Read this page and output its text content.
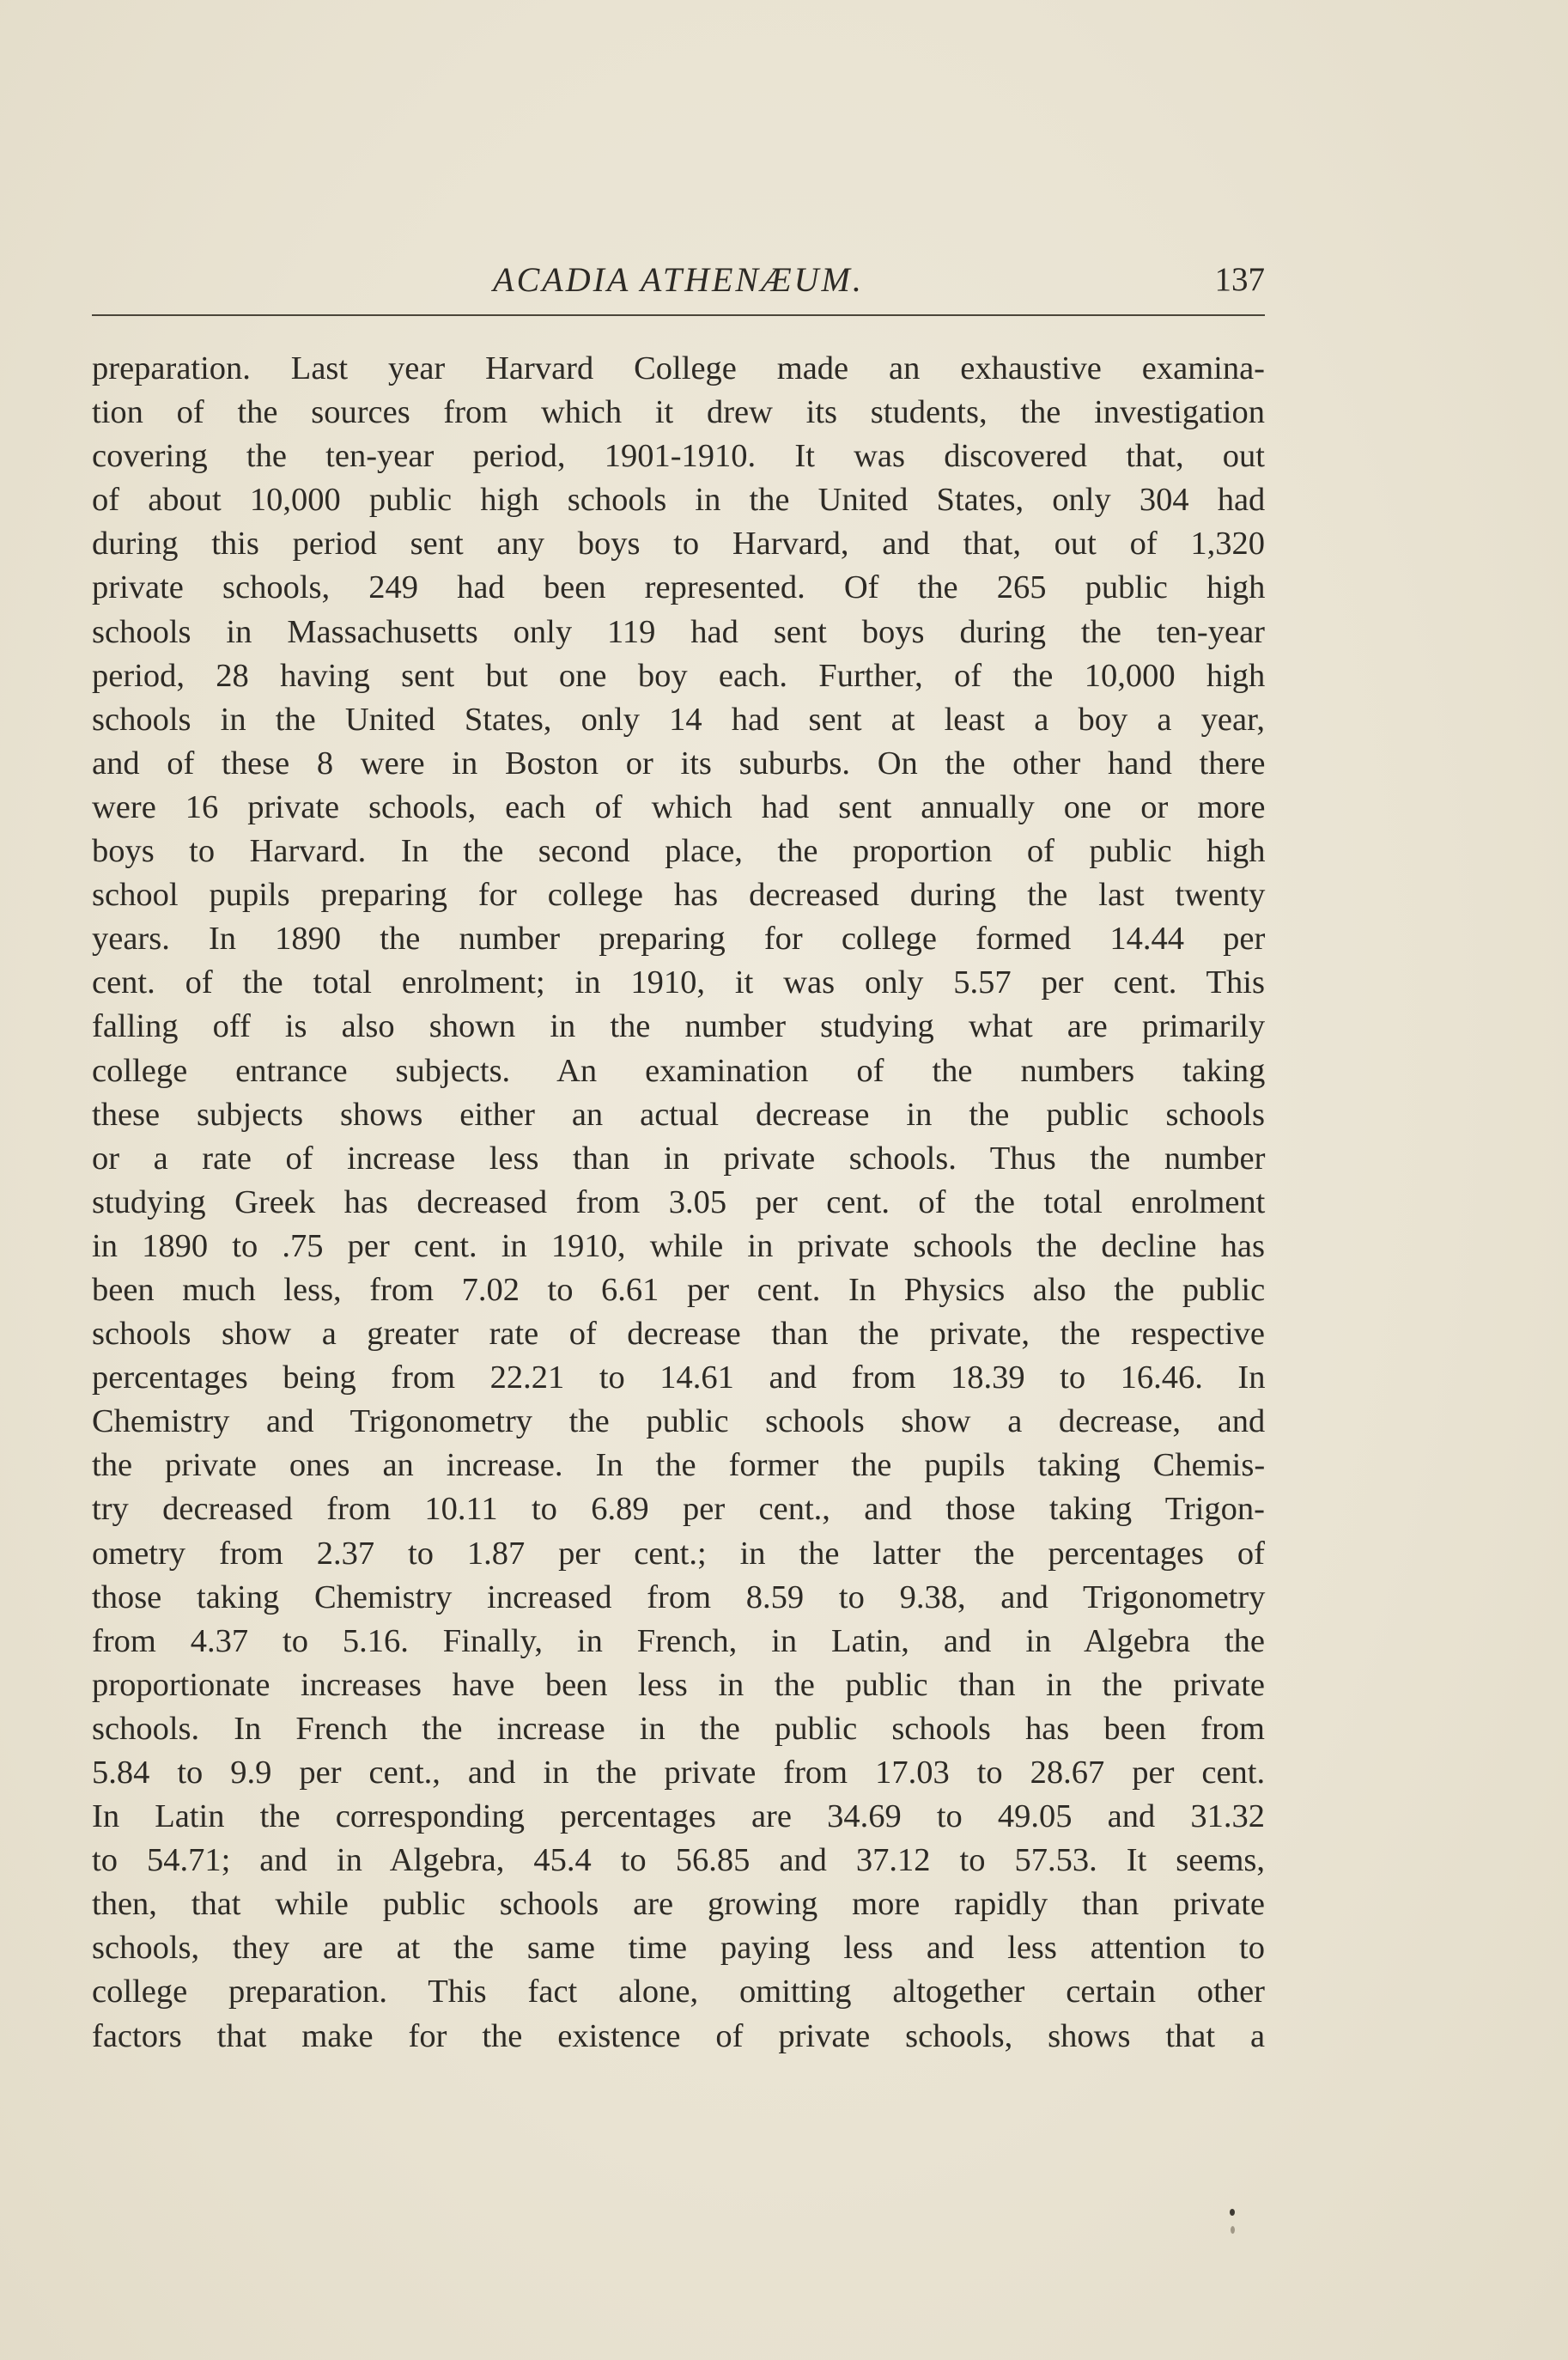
ACADIA ATHENÆUM.	137
preparation. Last year Harvard College made an exhaustive examina-
tion of the sources from which it drew its students, the investigation
covering the ten-year period, 1901-1910. It was discovered that, out
of about 10,000 public high schools in the United States, only 304 had
during this period sent any boys to Harvard, and that, out of 1,320
private schools, 249 had been represented. Of the 265 public high
schools in Massachusetts only 119 had sent boys during the ten-year
period, 28 having sent but one boy each. Further, of the 10,000 high
schools in the United States, only 14 had sent at least a boy a year,
and of these 8 were in Boston or its suburbs. On the other hand there
were 16 private schools, each of which had sent annually one or more
boys to Harvard. In the second place, the proportion of public high
school pupils preparing for college has decreased during the last twenty
years. In 1890 the number preparing for college formed 14.44 per
cent. of the total enrolment; in 1910, it was only 5.57 per cent. This
falling off is also shown in the number studying what are primarily
college entrance subjects. An examination of the numbers taking
these subjects shows either an actual decrease in the public schools
or a rate of increase less than in private schools. Thus the number
studying Greek has decreased from 3.05 per cent. of the total enrolment
in 1890 to .75 per cent. in 1910, while in private schools the decline has
been much less, from 7.02 to 6.61 per cent. In Physics also the public
schools show a greater rate of decrease than the private, the respective
percentages being from 22.21 to 14.61 and from 18.39 to 16.46. In
Chemistry and Trigonometry the public schools show a decrease, and
the private ones an increase. In the former the pupils taking Chemis-
try decreased from 10.11 to 6.89 per cent., and those taking Trigon-
ometry from 2.37 to 1.87 per cent.; in the latter the percentages of
those taking Chemistry increased from 8.59 to 9.38, and Trigonometry
from 4.37 to 5.16. Finally, in French, in Latin, and in Algebra the
proportionate increases have been less in the public than in the private
schools. In French the increase in the public schools has been from
5.84 to 9.9 per cent., and in the private from 17.03 to 28.67 per cent.
In Latin the corresponding percentages are 34.69 to 49.05 and 31.32
to 54.71; and in Algebra, 45.4 to 56.85 and 37.12 to 57.53. It seems,
then, that while public schools are growing more rapidly than private
schools, they are at the same time paying less and less attention to
college preparation. This fact alone, omitting altogether certain other
factors that make for the existence of private schools, shows that a
